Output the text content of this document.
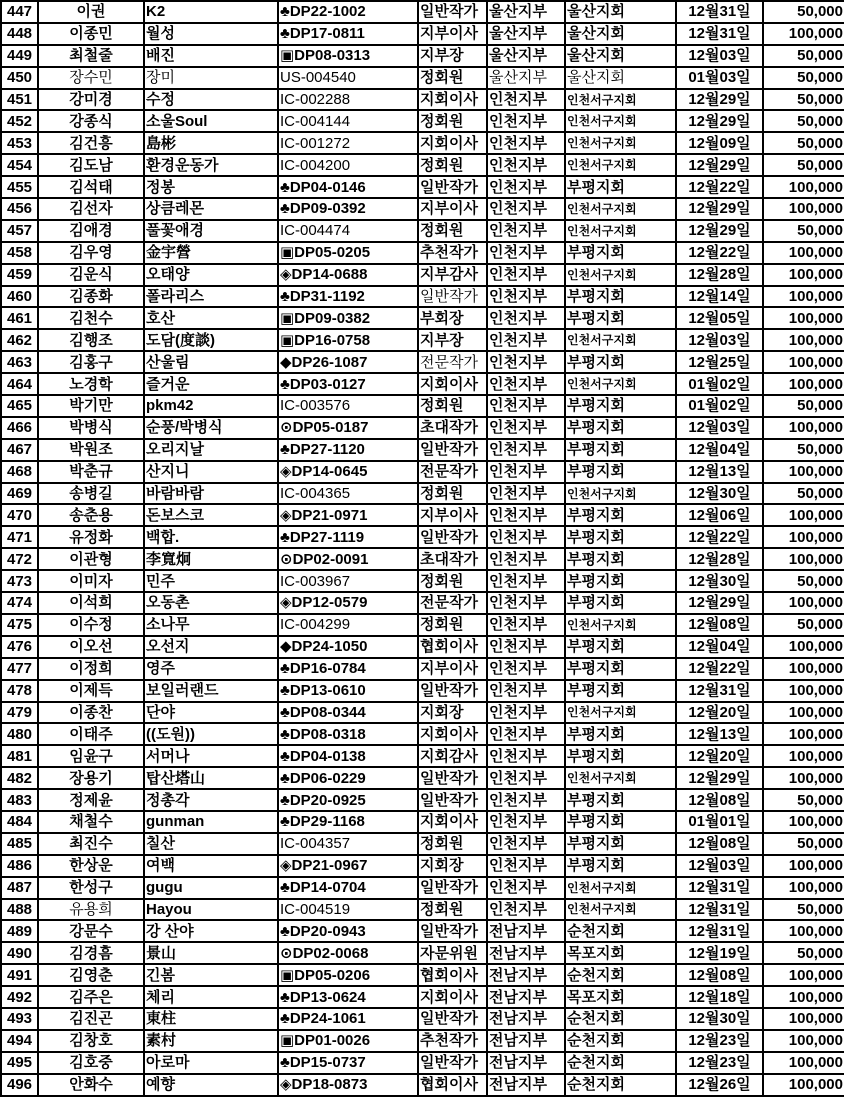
447	이권	K2	♣DP22-1002	일반작가	울산지부	울산지회	12월31일	50,000
448	이종민	월성	♣DP17-0811	지부이사	울산지부	울산지회	12월31일	100,000
449	최철줄	배진	▣DP08-0313	지부장	울산지부	울산지회	12월03일	50,000
450	장수민	장미	US-004540	정회원	울산지부	울산지회	01월03일	50,000
451	강미경	수정	IC-002288	지회이사	인천지부	인천서구지회	12월29일	50,000
452	강종식	소울Soul	IC-004144	정회원	인천지부	인천서구지회	12월29일	50,000
453	김건흥	島彬	IC-001272	지회이사	인천지부	인천서구지회	12월09일	50,000
454	김도남	환경운동가	IC-004200	정회원	인천지부	인천서구지회	12월29일	50,000
455	김석태	정봉	♣DP04-0146	일반작가	인천지부	부평지회	12월22일	100,000
456	김선자	상큼레몬	♣DP09-0392	지부이사	인천지부	인천서구지회	12월29일	100,000
457	김애경	풀꽃애경	IC-004474	정회원	인천지부	인천서구지회	12월29일	50,000
458	김우영	金宇營	▣DP05-0205	추천작가	인천지부	부평지회	12월22일	100,000
459	김운식	오태양	◈DP14-0688	지부감사	인천지부	인천서구지회	12월28일	100,000
460	김종화	폴라리스	♣DP31-1192	일반작가	인천지부	부평지회	12월14일	100,000
461	김천수	호산	▣DP09-0382	부회장	인천지부	부평지회	12월05일	100,000
462	김행조	도담(度談)	▣DP16-0758	지부장	인천지부	인천서구지회	12월03일	100,000
463	김홍구	산울림	◆DP26-1087	전문작가	인천지부	부평지회	12월25일	100,000
464	노경학	즐거운	♣DP03-0127	지회이사	인천지부	인천서구지회	01월02일	100,000
465	박기만	pkm42	IC-003576	정회원	인천지부	부평지회	01월02일	50,000
466	박병식	순풍/박병식	⊙DP05-0187	초대작가	인천지부	부평지회	12월03일	100,000
467	박원조	오리지날	♣DP27-1120	일반작가	인천지부	부평지회	12월04일	50,000
468	박춘규	산지니	◈DP14-0645	전문작가	인천지부	부평지회	12월13일	100,000
469	송병길	바람바람	IC-004365	정회원	인천지부	인천서구지회	12월30일	50,000
470	송춘용	돈보스코	◈DP21-0971	지부이사	인천지부	부평지회	12월06일	100,000
471	유정화	백합.	♣DP27-1119	일반작가	인천지부	부평지회	12월22일	100,000
472	이관형	李寬炯	⊙DP02-0091	초대작가	인천지부	부평지회	12월28일	100,000
473	이미자	민주	IC-003967	정회원	인천지부	부평지회	12월30일	50,000
474	이석희	오동촌	◈DP12-0579	전문작가	인천지부	부평지회	12월29일	100,000
475	이수정	소나무	IC-004299	정회원	인천지부	인천서구지회	12월08일	50,000
476	이오선	오선지	◆DP24-1050	협회이사	인천지부	부평지회	12월04일	100,000
477	이정희	영주	♣DP16-0784	지부이사	인천지부	부평지회	12월22일	100,000
478	이제득	보일러랜드	♣DP13-0610	일반작가	인천지부	부평지회	12월31일	100,000
479	이종찬	단야	♣DP08-0344	지회장	인천지부	인천서구지회	12월20일	100,000
480	이태주	((도원))	♣DP08-0318	지회이사	인천지부	부평지회	12월13일	100,000
481	임윤구	서머나	♣DP04-0138	지회감사	인천지부	부평지회	12월20일	100,000
482	장용기	탑산塔山	♣DP06-0229	일반작가	인천지부	인천서구지회	12월29일	100,000
483	정제윤	정총각	♣DP20-0925	일반작가	인천지부	부평지회	12월08일	50,000
484	채철수	gunman	♣DP29-1168	지회이사	인천지부	부평지회	01월01일	100,000
485	최진수	칠산	IC-004357	정회원	인천지부	부평지회	12월08일	50,000
486	한상운	여백	◈DP21-0967	지회장	인천지부	부평지회	12월03일	100,000
487	한성구	gugu	♣DP14-0704	일반작가	인천지부	인천서구지회	12월31일	100,000
488	유용희	Hayou	IC-004519	정회원	인천지부	인천서구지회	12월31일	50,000
489	강문수	강 산야	♣DP20-0943	일반작가	전남지부	순천지회	12월31일	100,000
490	김경흠	景山	⊙DP02-0068	자문위원	전남지부	목포지회	12월19일	50,000
491	김영춘	긴봄	▣DP05-0206	협회이사	전남지부	순천지회	12월08일	100,000
492	김주은	체리	♣DP13-0624	지회이사	전남지부	목포지회	12월18일	100,000
493	김진곤	東柱	♣DP24-1061	일반작가	전남지부	순천지회	12월30일	100,000
494	김창호	素村	▣DP01-0026	추천작가	전남지부	순천지회	12월23일	100,000
495	김호중	아로마	♣DP15-0737	일반작가	전남지부	순천지회	12월23일	100,000
496	안화수	예향	◈DP18-0873	협회이사	전남지부	순천지회	12월26일	100,000
